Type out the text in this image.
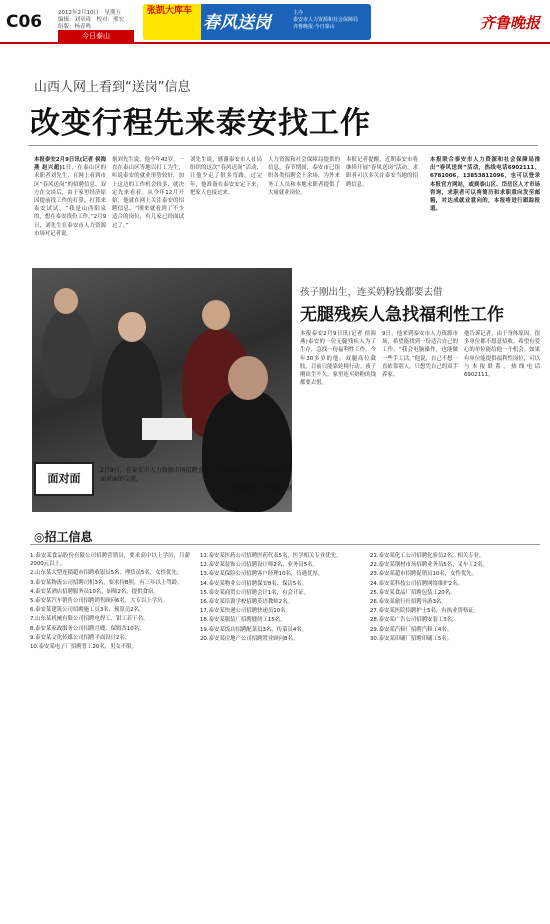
C06	2012年2月10日　星期五
编辑：刘章琦　校对：邢宏
组版：杨春鸣
今日泰山
张凯大库车
春风送岗	主办
泰安市人力资源和社会保障局
齐鲁晚报·今日泰山	齐鲁晚报
山西人网上看到“送岗”信息
改变行程先来泰安找工作
本报泰安2月9日讯(记者 侯海燕 赵兴超)1日，在泰山区的求职者刘先生，在网上看到市区“春风送岗”的招聘信息，双方在交谈后，由于家里经济原因提前找工作的打算，打算来泰安试试。“我是山西阳泉的，想在泰安找份工作，”2月9日，刘先生在泰安市人力资源市场对记者说。
据刘先生说，他今年42岁，一直在泰山区等地以打工为生，听说泰安的就业形势较好，加上这边的工作机会较多，就决定先来看看。从今年12月开始，他就在网上关注泰安的招聘信息。“刚来就看到了不少适合的岗位，有几家已经面试过了。”
刘先生说，感谢泰安市人社局组织的这次“春风送岗”活动，让他少走了很多弯路。过完年，他准备在泰安安定下来，把家人也接过来。
人力资源和社会保障局提供的信息，春节期间，泰安市已组织各类招聘会十余场，为外来务工人员和本地求职者提供了大量就业岗位。
本报记者提醒，近期泰安市将继续开展“春风送岗”活动，求职者可以多关注泰安当地的招聘信息。
本报联合泰安市人力资源和社会保障局推出“春风送岗”活动，热线电话6902111、6781006，13853811096，也可以登录本报官方网站，或到泰山区、岱岳区人才市场咨询，求职者可以将简历和求职意向发至邮箱，对达成就业意向的，本报将进行跟踪报道。
面对面
2月9日，在泰安市人力资源市场招聘会上，不少求职者和用人单位进行面对面的交流。
本报记者　赵兴超　摄
孩子刚出生，连买奶粉钱都要去借
无腿残疾人急找福利性工作
本报泰安2月9日讯(记者 侯海燕)泰安的一位无腿残疾人为了生存，急找一份福利性工作。今年30多岁的他，双腿高位截肢，目前只能靠轮椅行动。孩子刚出生不久，家里连买奶粉的钱都要去借。
9日，他来到泰安市人力资源市场，希望能找到一份适合自己的工作。“我会电脑操作，也能做一些手工活。”他说，自己不想一直依靠别人，只想凭自己的双手养家。
他告诉记者，由于身体原因，很多单位都不愿意招收。希望有爱心的单位能给他一个机会。如果有单位能提供福利性岗位，可以与本报联系，热线电话6902111。
◎招工信息
1.泰安某食品股份有限公司招聘营销员，要求高中以上学历，月薪2000元以上。
2.山东某大型连锁超市招聘收银员5名、理货员5名，女性优先。
3.泰安某物流公司招聘司机3名，要求持B照，有三年以上驾龄。
4.泰安某酒店招聘服务员10名，厨师2名，提供食宿。
5.泰安某汽车销售公司招聘销售顾问6名，大专以上学历。
6.泰安某建筑公司招聘施工员3名、预算员2名。
7.山东某机械有限公司招聘电焊工、钳工若干名。
8.泰安某家政服务公司招聘月嫂、保姆各10名。
9.泰安某文化传媒公司招聘平面设计2名。
10.泰安某电子厂招聘普工20名，男女不限。
11.泰安某医药公司招聘医药代表5名，医学相关专业优先。
12.泰安某装饰公司招聘设计师2名、业务员5名。
13.泰安某保险公司招聘客户经理10名，待遇优厚。
14.泰安某物业公司招聘保安8名、保洁5名。
15.泰安某商贸公司招聘会计1名，有会计证。
16.泰安某培训学校招聘英语教师2名。
17.泰安某快递公司招聘快递员10名。
18.泰安某服装厂招聘缝纫工15名。
19.泰安某饭店招聘配菜员3名、传菜员4名。
20.泰安某房地产公司招聘置业顾问8名。
21.泰安某化工公司招聘化验员2名，相关专业。
22.泰安某钢材市场招聘业务员5名、叉车工2名。
23.泰安某超市招聘促销员10名，女性优先。
24.泰安某科技公司招聘网络维护2名。
25.泰安某食品厂招聘包装工20名。
26.泰安某旅行社招聘导游3名。
27.泰安某医院招聘护士5名，有执业资格证。
28.泰安某广告公司招聘安装工3名。
29.泰安某汽修厂招聘汽修工4名。
30.泰安某印刷厂招聘印刷工5名。
